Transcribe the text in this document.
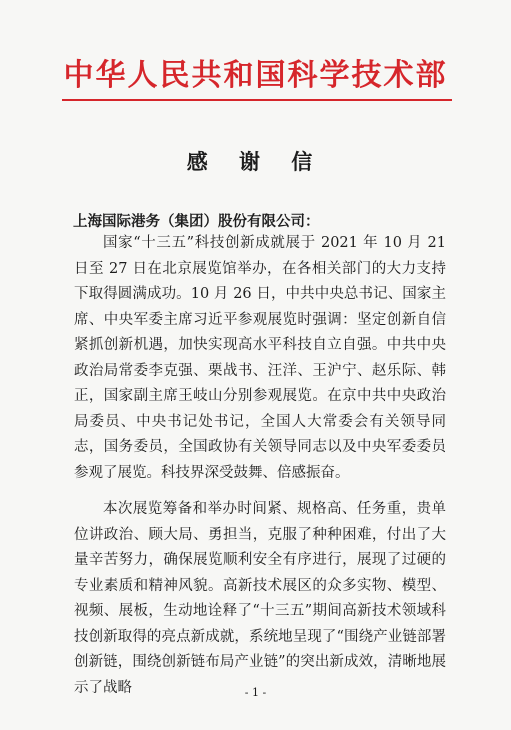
中华人民共和国科学技术部
感 谢 信
上海国际港务（集团）股份有限公司：

国家“十三五”科技创新成就展于 2021 年 10 月 21 日至 27 日在北京展览馆举办，在各相关部门的大力支持下取得圆满成功。10 月 26 日，中共中央总书记、国家主席、中央军委主席习近平参观展览时强调：坚定创新自信紧抓创新机遇，加快实现高水平科技自立自强。中共中央政治局常委李克强、栗战书、汪洋、王沪宁、赵乐际、韩正，国家副主席王岐山分别参观展览。在京中共中央政治局委员、中央书记处书记，全国人大常委会有关领导同志，国务委员，全国政协有关领导同志以及中央军委委员参观了展览。科技界深受鼓舞、倍感振奋。

本次展览筹备和举办时间紧、规格高、任务重，贵单位讲政治、顾大局、勇担当，克服了种种困难，付出了大量辛苦努力，确保展览顺利安全有序进行，展现了过硬的专业素质和精神风貌。高新技术展区的众多实物、模型、视频、展板，生动地诠释了“十三五”期间高新技术领域科技创新取得的亮点新成就，系统地呈现了“围绕产业链部署创新链，围绕创新链布局产业链”的突出新成效，清晰地展示了战略	- 1 -
